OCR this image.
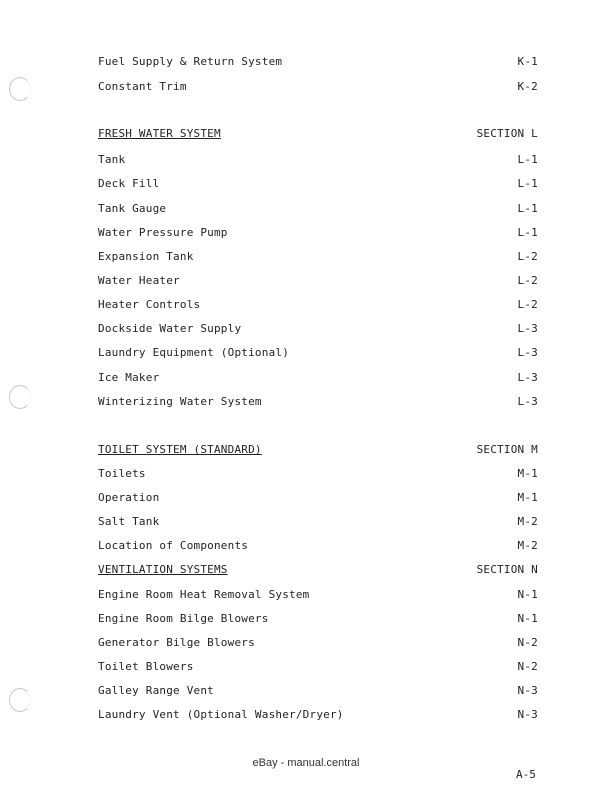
Fuel Supply & Return System	K-1
Constant Trim	K-2
FRESH WATER SYSTEM	SECTION L
Tank	L-1
Deck Fill	L-1
Tank Gauge	L-1
Water Pressure Pump	L-1
Expansion Tank	L-2
Water Heater	L-2
Heater Controls	L-2
Dockside Water Supply	L-3
Laundry Equipment (Optional)	L-3
Ice Maker	L-3
Winterizing Water System	L-3
TOILET SYSTEM (STANDARD)	SECTION M
Toilets	M-1
Operation	M-1
Salt Tank	M-2
Location of Components	M-2
VENTILATION SYSTEMS	SECTION N
Engine Room Heat Removal System	N-1
Engine Room Bilge Blowers	N-1
Generator Bilge Blowers	N-2
Toilet Blowers	N-2
Galley Range Vent	N-3
Laundry Vent (Optional Washer/Dryer)	N-3
eBay - manual.central
A-5
